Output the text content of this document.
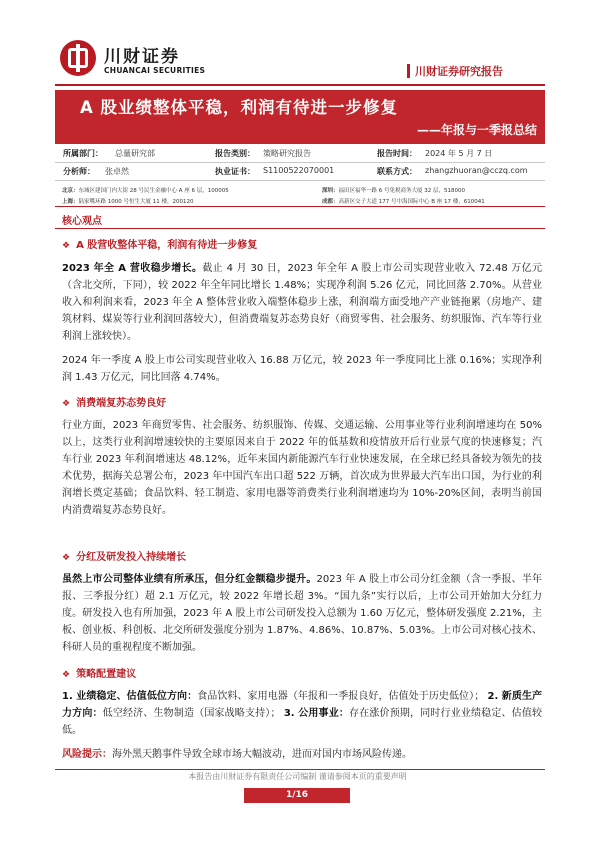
川财证券
CHUANCAI SECURITIES	川财证券研究报告
A 股业绩整体平稳，利润有待进一步修复
——年报与一季报总结
所属部门： 总量研究部	报告类别： 策略研究报告	报告时间： 2024 年 5 月 7 日
分析师： 张卓然	执业证书： S1100522070001	联系方式： zhangzhuoran@cczq.com
北京：东城区建国门内大街 28 号民生金融中心 A 座 6 层，100005	深圳：福田区福华一路 6 号免税商务大厦 32 层，518000
上海：陆家嘴环路 1000 号恒生大厦 11 楼，200120	成都：高新区交子大道 177 号中海国际中心 B 座 17 楼，610041
核心观点
❖ A 股营收整体平稳，利润有待进一步修复
2023 年全 A 营收稳步增长。截止 4 月 30 日，2023 年全年 A 股上市公司实现营业收入 72.48 万亿元（含北交所，下同），较 2022 年全年同比增长 1.48%；实现净利润 5.26 亿元，同比回落 2.70%。从营业收入和利润来看，2023 年全 A 整体营业收入端整体稳步上涨，利润端方面受地产产业链拖累（房地产、建筑材料、煤炭等行业利润回落较大），但消费端复苏态势良好（商贸零售、社会服务、纺织服饰、汽车等行业利润上涨较快）。
2024 年一季度 A 股上市公司实现营业收入 16.88 万亿元，较 2023 年一季度同比上涨 0.16%；实现净利润 1.43 万亿元，同比回落 4.74%。
❖ 消费端复苏态势良好
行业方面，2023 年商贸零售、社会服务、纺织服饰、传媒、交通运输、公用事业等行业利润增速均在 50%以上，这类行业利润增速较快的主要原因来自于 2022 年的低基数和疫情放开后行业景气度的快速修复；汽车行业 2023 年利润增速达 48.12%，近年来国内新能源汽车行业快速发展，在全球已经具备较为领先的技术优势，据海关总署公布，2023 年中国汽车出口超 522 万辆，首次成为世界最大汽车出口国，为行业的利润增长奠定基础；食品饮料、轻工制造、家用电器等消费类行业利润增速均为 10%-20%区间，表明当前国内消费端复苏态势良好。
❖ 分红及研发投入持续增长
虽然上市公司整体业绩有所承压，但分红金额稳步提升。2023 年 A 股上市公司分红金额（含一季报、半年报、三季报分红）超 2.1 万亿元，较 2022 年增长超 3%。“国九条”实行以后，上市公司开始加大分红力度。研发投入也有所加强，2023 年 A 股上市公司研发投入总额为 1.60 万亿元，整体研发强度 2.21%，主板、创业板、科创板、北交所研发强度分别为 1.87%、4.86%、10.87%、5.03%。上市公司对核心技术、科研人员的重视程度不断加强。
❖ 策略配置建议
1. 业绩稳定、估值低位方向：食品饮料、家用电器（年报和一季报良好，估值处于历史低位）； 2. 新质生产力方向：低空经济、生物制造（国家战略支持）； 3. 公用事业：存在涨价预期，同时行业业绩稳定、估值较低。
风险提示：海外黑天鹅事件导致全球市场大幅波动，进而对国内市场风险传递。
本报告由川财证券有限责任公司编制 谨请参阅本页的重要声明
1/16
